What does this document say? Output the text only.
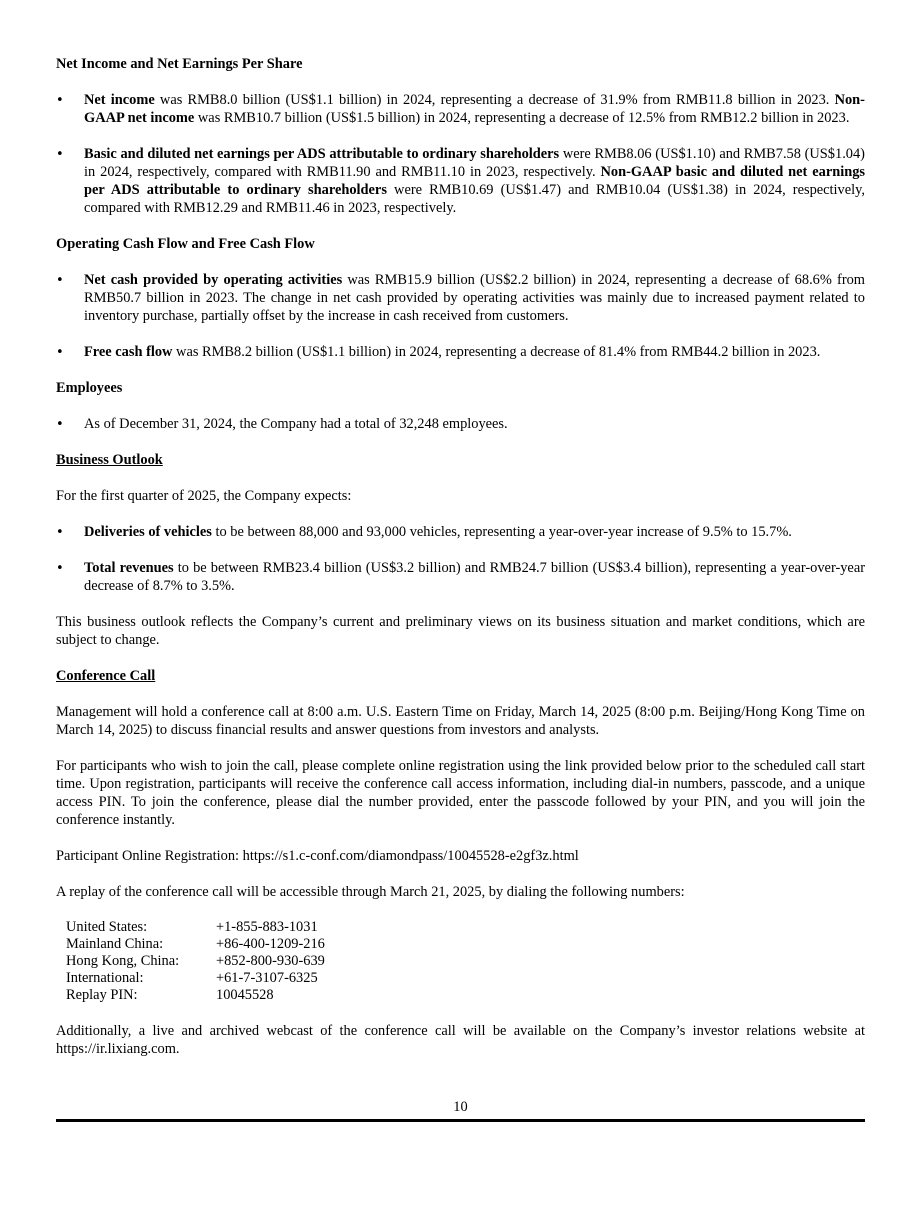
Net Income and Net Earnings Per Share

•
Net income was RMB8.0 billion (US$1.1 billion) in 2024, representing a decrease of 31.9% from RMB11.8 billion in 2023. Non-GAAP net income was RMB10.7 billion (US$1.5 billion) in 2024, representing a decrease of 12.5% from RMB12.2 billion in 2023.
•
Basic and diluted net earnings per ADS attributable to ordinary shareholders were RMB8.06 (US$1.10) and RMB7.58 (US$1.04) in 2024, respectively, compared with RMB11.90 and RMB11.10 in 2023, respectively. Non-GAAP basic and diluted net earnings per ADS attributable to ordinary shareholders were RMB10.69 (US$1.47) and RMB10.04 (US$1.38) in 2024, respectively, compared with RMB12.29 and RMB11.46 in 2023, respectively.

Operating Cash Flow and Free Cash Flow

•
Net cash provided by operating activities was RMB15.9 billion (US$2.2 billion) in 2024, representing a decrease of 68.6% from RMB50.7 billion in 2023. The change in net cash provided by operating activities was mainly due to increased payment related to inventory purchase, partially offset by the increase in cash received from customers.
•
Free cash flow was RMB8.2 billion (US$1.1 billion) in 2024, representing a decrease of 81.4% from RMB44.2 billion in 2023.

Employees

•
As of December 31, 2024, the Company had a total of 32,248 employees.

Business Outlook

For the first quarter of 2025, the Company expects:

•
Deliveries of vehicles to be between 88,000 and 93,000 vehicles, representing a year-over-year increase of 9.5% to 15.7%.
•
Total revenues to be between RMB23.4 billion (US$3.2 billion) and RMB24.7 billion (US$3.4 billion), representing a year-over-year decrease of 8.7% to 3.5%.

This business outlook reflects the Company’s current and preliminary views on its business situation and market conditions, which are subject to change.

Conference Call

Management will hold a conference call at 8:00 a.m. U.S. Eastern Time on Friday, March 14, 2025 (8:00 p.m. Beijing/Hong Kong Time on March 14, 2025) to discuss financial results and answer questions from investors and analysts.

For participants who wish to join the call, please complete online registration using the link provided below prior to the scheduled call start time. Upon registration, participants will receive the conference call access information, including dial-in numbers, passcode, and a unique access PIN. To join the conference, please dial the number provided, enter the passcode followed by your PIN, and you will join the conference instantly.

Participant Online Registration: https://s1.c-conf.com/diamondpass/10045528-e2gf3z.html

A replay of the conference call will be accessible through March 21, 2025, by dialing the following numbers:

United States:	+1-855-883-1031
Mainland China:	+86-400-1209-216
Hong Kong, China:	+852-800-930-639
International:	+61-7-3107-6325
Replay PIN:	10045528

Additionally, a live and archived webcast of the conference call will be available on the Company’s investor relations website at https://ir.lixiang.com.

10
